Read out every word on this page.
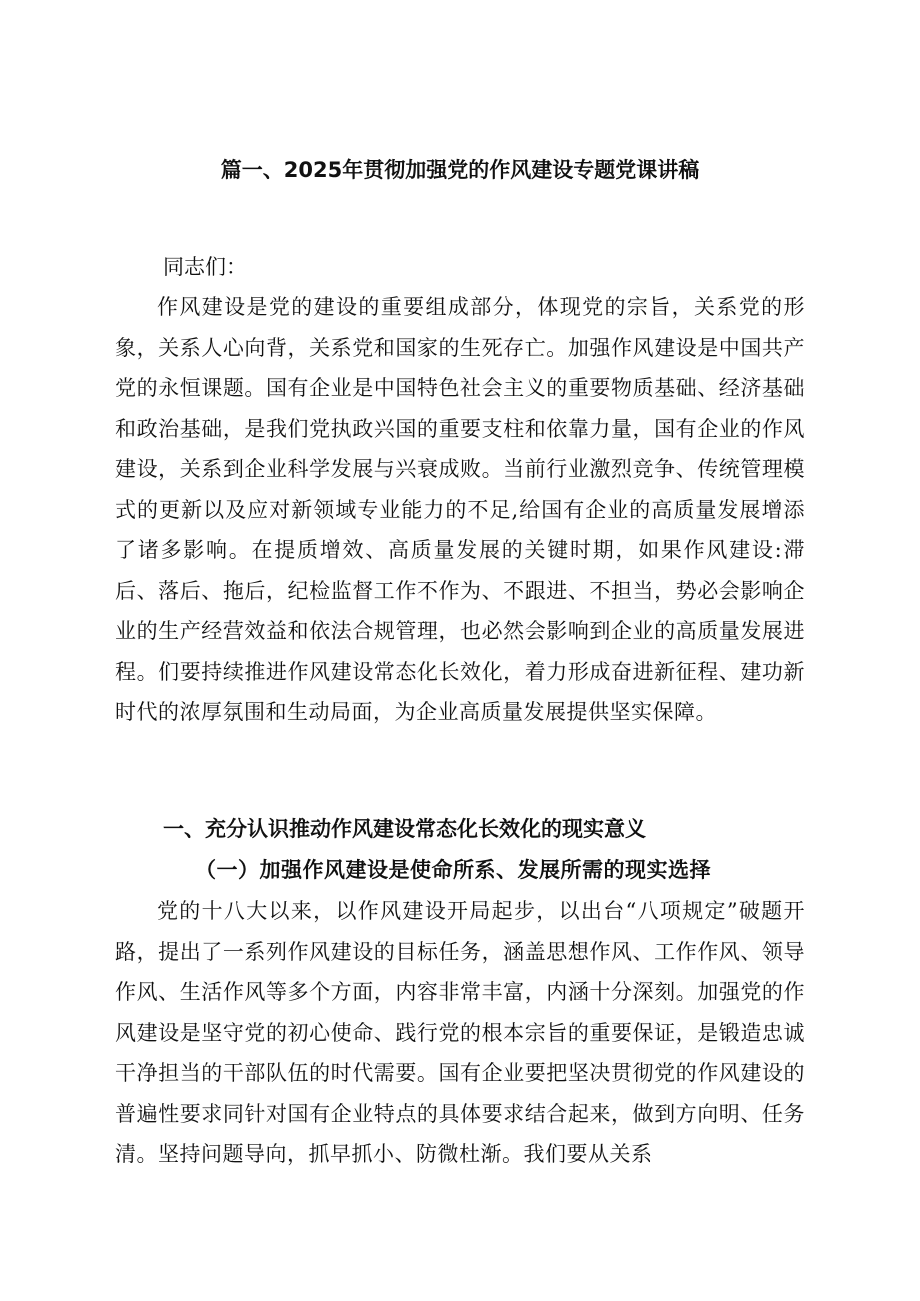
篇一、2025年贯彻加强党的作风建设专题党课讲稿

同志们：

作风建设是党的建设的重要组成部分，体现党的宗旨，关系党的形象，关系人心向背，关系党和国家的生死存亡。加强作风建设是中国共产党的永恒课题。国有企业是中国特色社会主义的重要物质基础、经济基础和政治基础，是我们党执政兴国的重要支柱和依靠力量，国有企业的作风建设，关系到企业科学发展与兴衰成败。当前行业激烈竞争、传统管理模式的更新以及应对新领域专业能力的不足,给国有企业的高质量发展增添了诸多影响。在提质增效、高质量发展的关键时期，如果作风建设:滞后、落后、拖后，纪检监督工作不作为、不跟进、不担当，势必会影响企业的生产经营效益和依法合规管理，也必然会影响到企业的高质量发展进程。们要持续推进作风建设常态化长效化，着力形成奋进新征程、建功新时代的浓厚氛围和生动局面，为企业高质量发展提供坚实保障。

一、充分认识推动作风建设常态化长效化的现实意义
（一）加强作风建设是使命所系、发展所需的现实选择

党的十八大以来，以作风建设开局起步，以出台“八项规定”破题开路，提出了一系列作风建设的目标任务，涵盖思想作风、工作作风、领导作风、生活作风等多个方面，内容非常丰富，内涵十分深刻。加强党的作风建设是坚守党的初心使命、践行党的根本宗旨的重要保证，是锻造忠诚干净担当的干部队伍的时代需要。国有企业要把坚决贯彻党的作风建设的普遍性要求同针对国有企业特点的具体要求结合起来，做到方向明、任务清。坚持问题导向，抓早抓小、防微杜渐。我们要从关系
